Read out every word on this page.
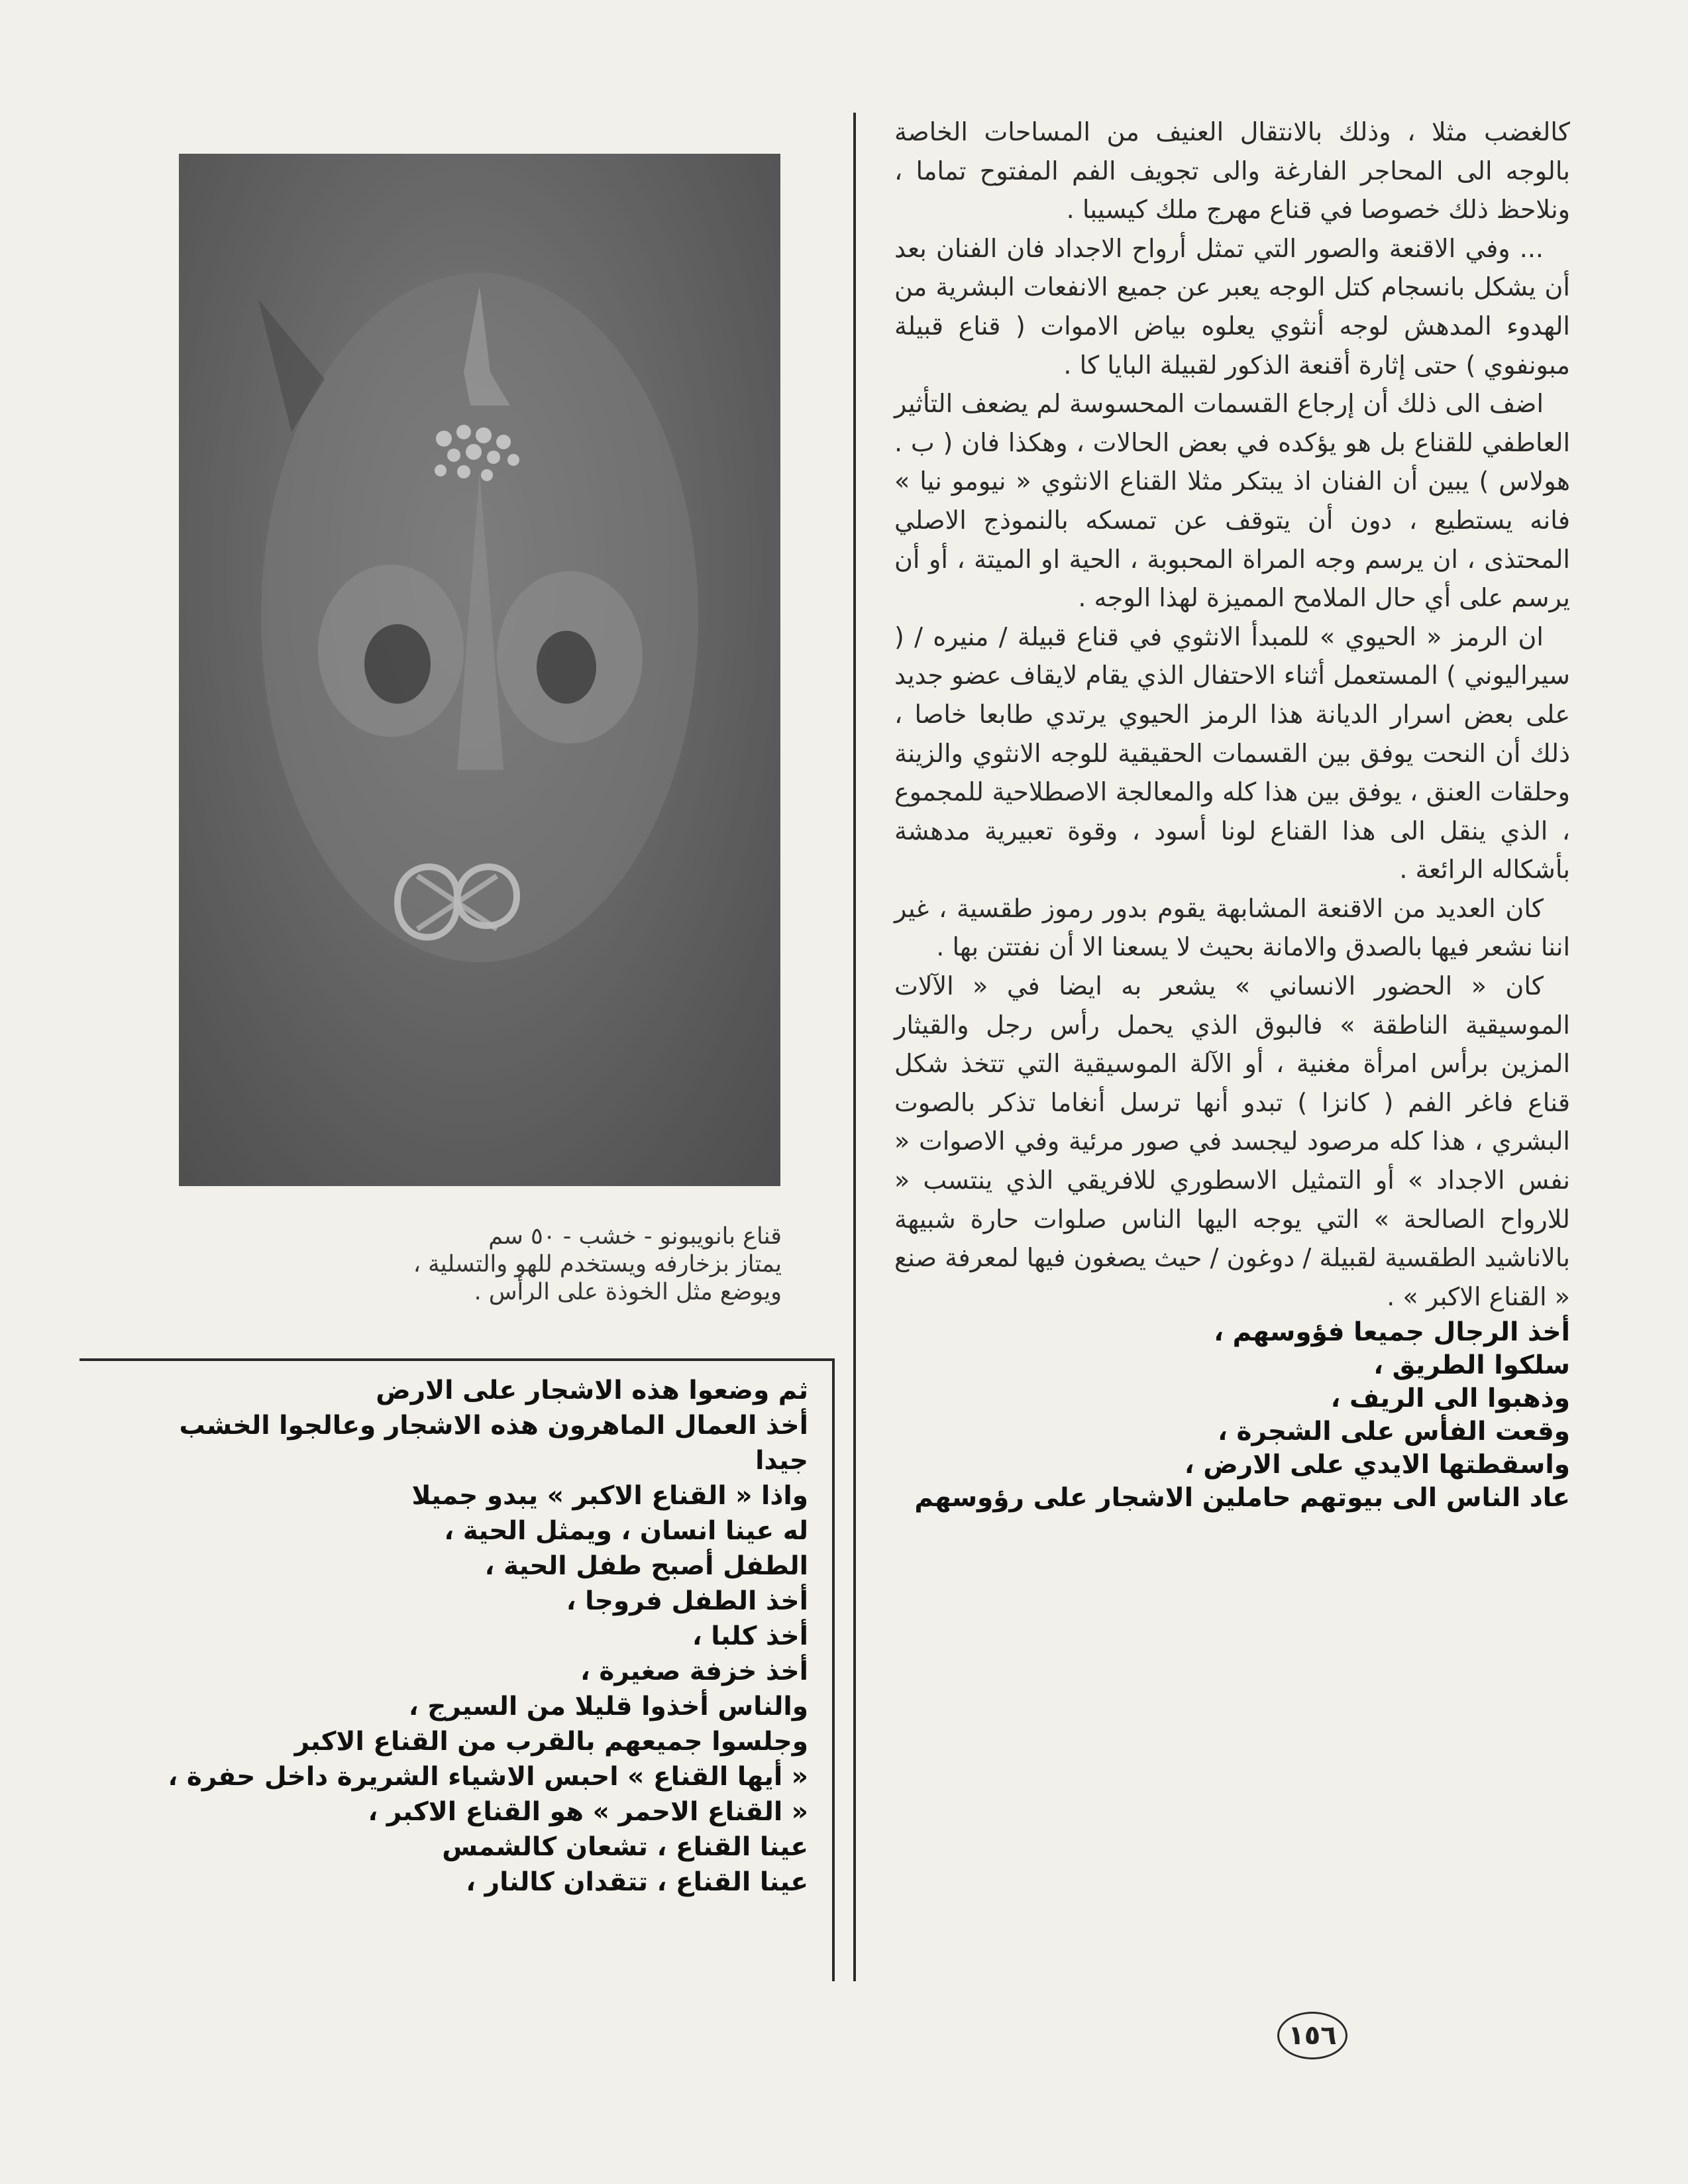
كالغضب مثلا ، وذلك بالانتقال العنيف من المساحات الخاصة بالوجه الى المحاجر الفارغة والى تجويف الفم المفتوح تماما ، ونلاحظ ذلك خصوصا في قناع مهرج ملك كيسيبا .

... وفي الاقنعة والصور التي تمثل أرواح الاجداد فان الفنان بعد أن يشكل بانسجام كتل الوجه يعبر عن جميع الانفعات البشرية من الهدوء المدهش لوجه أنثوي يعلوه بياض الاموات ( قناع قبيلة مبونفوي ) حتى إثارة أقنعة الذكور لقبيلة البايا كا .

اضف الى ذلك أن إرجاع القسمات المحسوسة لم يضعف التأثير العاطفي للقناع بل هو يؤكده في بعض الحالات ، وهكذا فان ( ب . هولاس ) يبين أن الفنان اذ يبتكر مثلا القناع الانثوي « نيومو نيا » فانه يستطيع ، دون أن يتوقف عن تمسكه بالنموذج الاصلي المحتذى ، ان يرسم وجه المراة المحبوبة ، الحية او الميتة ، أو أن يرسم على أي حال الملامح المميزة لهذا الوجه .

ان الرمز « الحيوي » للمبدأ الانثوي في قناع قبيلة / منيره / ( سيراليوني ) المستعمل أثناء الاحتفال الذي يقام لايقاف عضو جديد على بعض اسرار الديانة هذا الرمز الحيوي يرتدي طابعا خاصا ، ذلك أن النحت يوفق بين القسمات الحقيقية للوجه الانثوي والزينة وحلقات العنق ، يوفق بين هذا كله والمعالجة الاصطلاحية للمجموع ، الذي ينقل الى هذا القناع لونا أسود ، وقوة تعبيرية مدهشة بأشكاله الرائعة .

كان العديد من الاقنعة المشابهة يقوم بدور رموز طقسية ، غير اننا نشعر فيها بالصدق والامانة بحيث لا يسعنا الا أن نفتتن بها .

كان « الحضور الانساني » يشعر به ايضا في « الآلات الموسيقية الناطقة » فالبوق الذي يحمل رأس رجل والقيثار المزين برأس امرأة مغنية ، أو الآلة الموسيقية التي تتخذ شكل قناع فاغر الفم ( كانزا ) تبدو أنها ترسل أنغاما تذكر بالصوت البشري ، هذا كله مرصود ليجسد في صور مرئية وفي الاصوات « نفس الاجداد » أو التمثيل الاسطوري للافريقي الذي ينتسب « للارواح الصالحة » التي يوجه اليها الناس صلوات حارة شبيهة بالاناشيد الطقسية لقبيلة / دوغون / حيث يصغون فيها لمعرفة صنع « القناع الاكبر » .

أخذ الرجال جميعا فؤوسهم ،
سلكوا الطريق ،
وذهبوا الى الريف ،
وقعت الفأس على الشجرة ،
واسقطتها الايدي على الارض ،
عاد الناس الى بيوتهم حاملين الاشجار على رؤوسهم
قناع بانويبونو - خشب - ٥٠ سم
يمتاز بزخارفه ويستخدم للهو والتسلية ،
ويوضع مثل الخوذة على الرأس .
ثم وضعوا هذه الاشجار على الارض
أخذ العمال الماهرون هذه الاشجار وعالجوا الخشب
جيدا
واذا « القناع الاكبر » يبدو جميلا
له عينا انسان ، ويمثل الحية ،
الطفل أصبح طفل الحية ،
أخذ الطفل فروجا ،
أخذ كلبا ،
أخذ خزفة صغيرة ،
والناس أخذوا قليلا من السيرج ،
وجلسوا جميعهم بالقرب من القناع الاكبر
« أيها القناع » احبس الاشياء الشريرة داخل حفرة ،
« القناع الاحمر » هو القناع الاكبر ،
عينا القناع ، تشعان كالشمس
عينا القناع ، تتقدان كالنار ،
١٥٦
